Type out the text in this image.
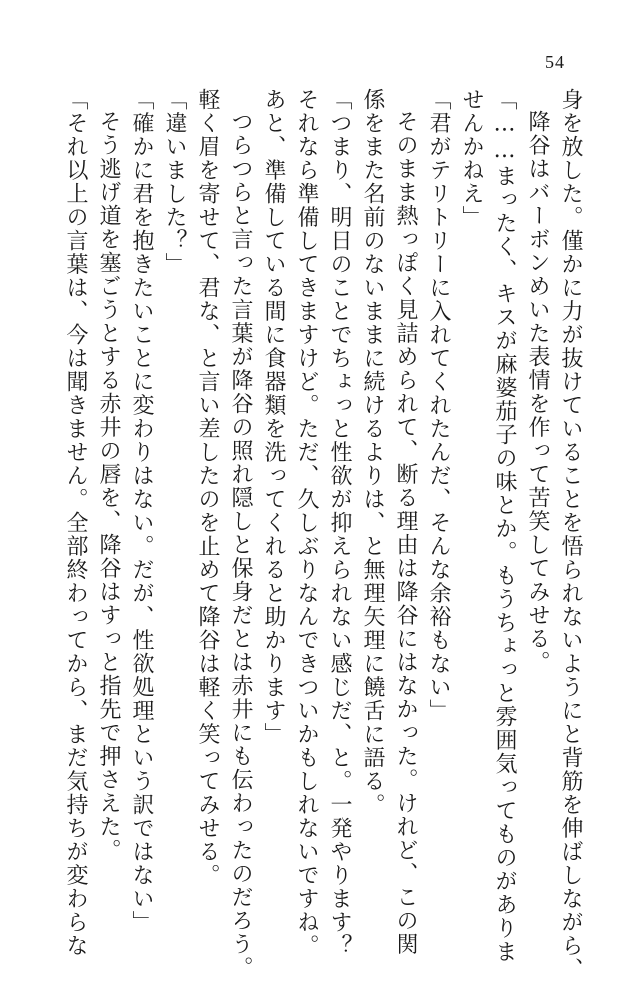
54
身を放した。僅かに力が抜けていることを悟られないようにと背筋を伸ばしながら、
降谷はバーボンめいた表情を作って苦笑してみせる。
「……まったく、キスが麻婆茄子の味とか。もうちょっと雰囲気ってものがありま
せんかねえ」
「君がテリトリーに入れてくれたんだ、そんな余裕もない」
そのまま熱っぽく見詰められて、断る理由は降谷にはなかった。けれど、この関
係をまた名前のないままに続けるよりは、と無理矢理に饒舌に語る。
「つまり、明日のことでちょっと性欲が抑えられない感じだ、と。一発やります？
それなら準備してきますけど。ただ、久しぶりなんできついかもしれないですね。
あと、準備している間に食器類を洗ってくれると助かります」
つらつらと言った言葉が降谷の照れ隠しと保身だとは赤井にも伝わったのだろう。
軽く眉を寄せて、君な、と言い差したのを止めて降谷は軽く笑ってみせる。
「違いました？」
「確かに君を抱きたいことに変わりはない。だが、性欲処理という訳ではない」
そう逃げ道を塞ごうとする赤井の唇を、降谷はすっと指先で押さえた。
「それ以上の言葉は、今は聞きません。全部終わってから、まだ気持ちが変わらな
